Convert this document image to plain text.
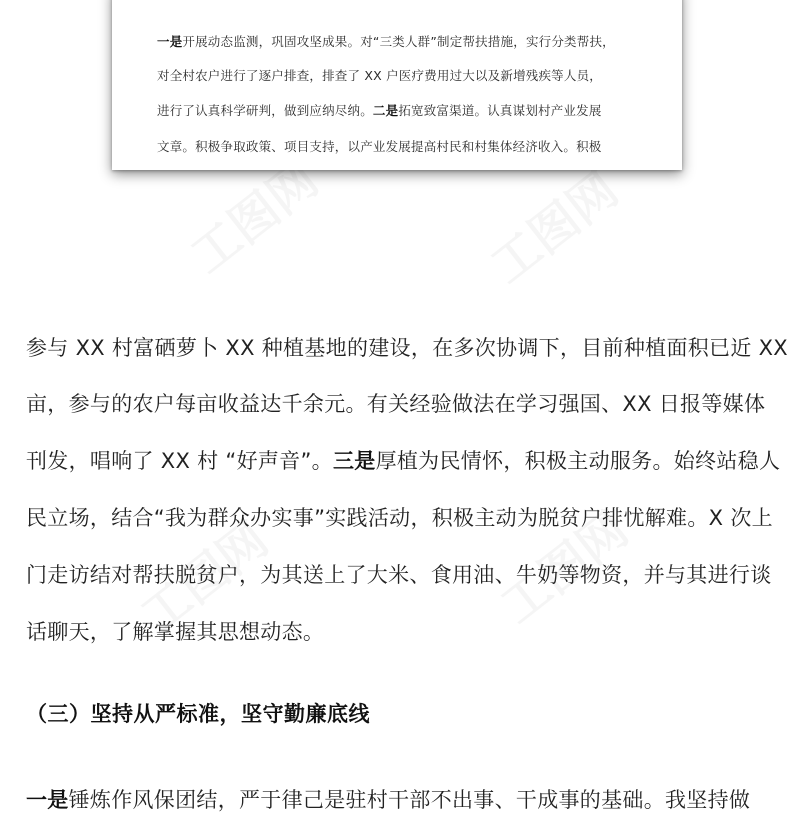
一是开展动态监测，巩固攻坚成果。对“三类人群”制定帮扶措施，实行分类帮扶，
对全村农户进行了逐户排查，排查了 XX 户医疗费用过大以及新增残疾等人员，
进行了认真科学研判，做到应纳尽纳。二是拓宽致富渠道。认真谋划村产业发展
文章。积极争取政策、项目支持，以产业发展提高村民和村集体经济收入。积极
参与 XX 村富硒萝卜 XX 种植基地的建设，在多次协调下，目前种植面积已近 XX
亩，参与的农户每亩收益达千余元。有关经验做法在学习强国、XX 日报等媒体
刊发，唱响了 XX 村 “好声音”。三是厚植为民情怀，积极主动服务。始终站稳人
民立场，结合“我为群众办实事”实践活动，积极主动为脱贫户排忧解难。X 次上
门走访结对帮扶脱贫户，为其送上了大米、食用油、牛奶等物资，并与其进行谈
话聊天，了解掌握其思想动态。
（三）坚持从严标准，坚守勤廉底线
一是锤炼作风保团结，严于律己是驻村干部不出事、干成事的基础。我坚持做
